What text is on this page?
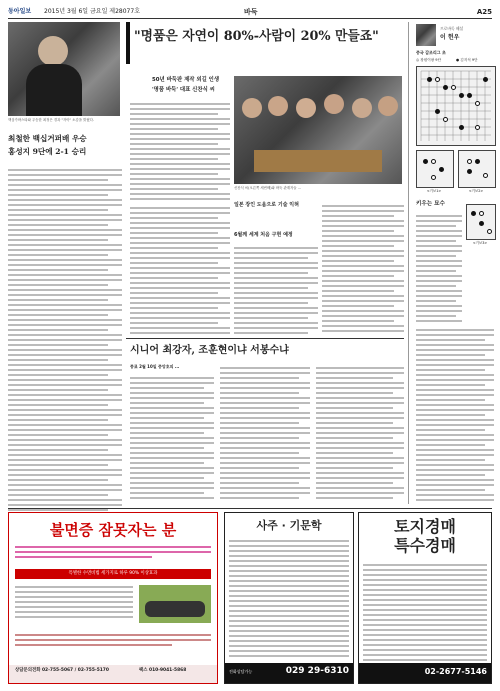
동아일보 2015년 3월 6일 금요일 제28077호	바둑	A25
핵심카바스타와 우승한 최정은 경과 "자아" 소감을 밝혔다.
최철한 백십거퍼배 우승
홍성지 9단에 2-1 승리
"명품은 자연이 80%-사람이 20% 만들죠"
50년 바둑판 제작 외길 인생
'명품 바둑' 대표 신찬식 씨
신찬식 씨(오른쪽 세번째)와 바둑 관계자들 ...
일본 장인 도움으로 기술 익혀
6월께 세계 처음 구현 예정
시니어 최강자, 조훈현이냐 서봉수냐
종료 2월 10일 중앙호의 ...
프로바둑 해설
이 헌우
중국 갑조리그 초
◎ 창원이팡 9단	● 김지석 9단
<기보1>	<기보2>
키우는 묘수
<기보3>
불면증 잠못자는 분
특별한 수면비법 세가지로 하루 90% 이상효과
상담문의전화 02-755-5067 / 02-755-5170	팩스 010-9041-5868
사주 · 기문학
전화상담가능	029 29-6310
토지경매
특수경매
02-2677-5146
